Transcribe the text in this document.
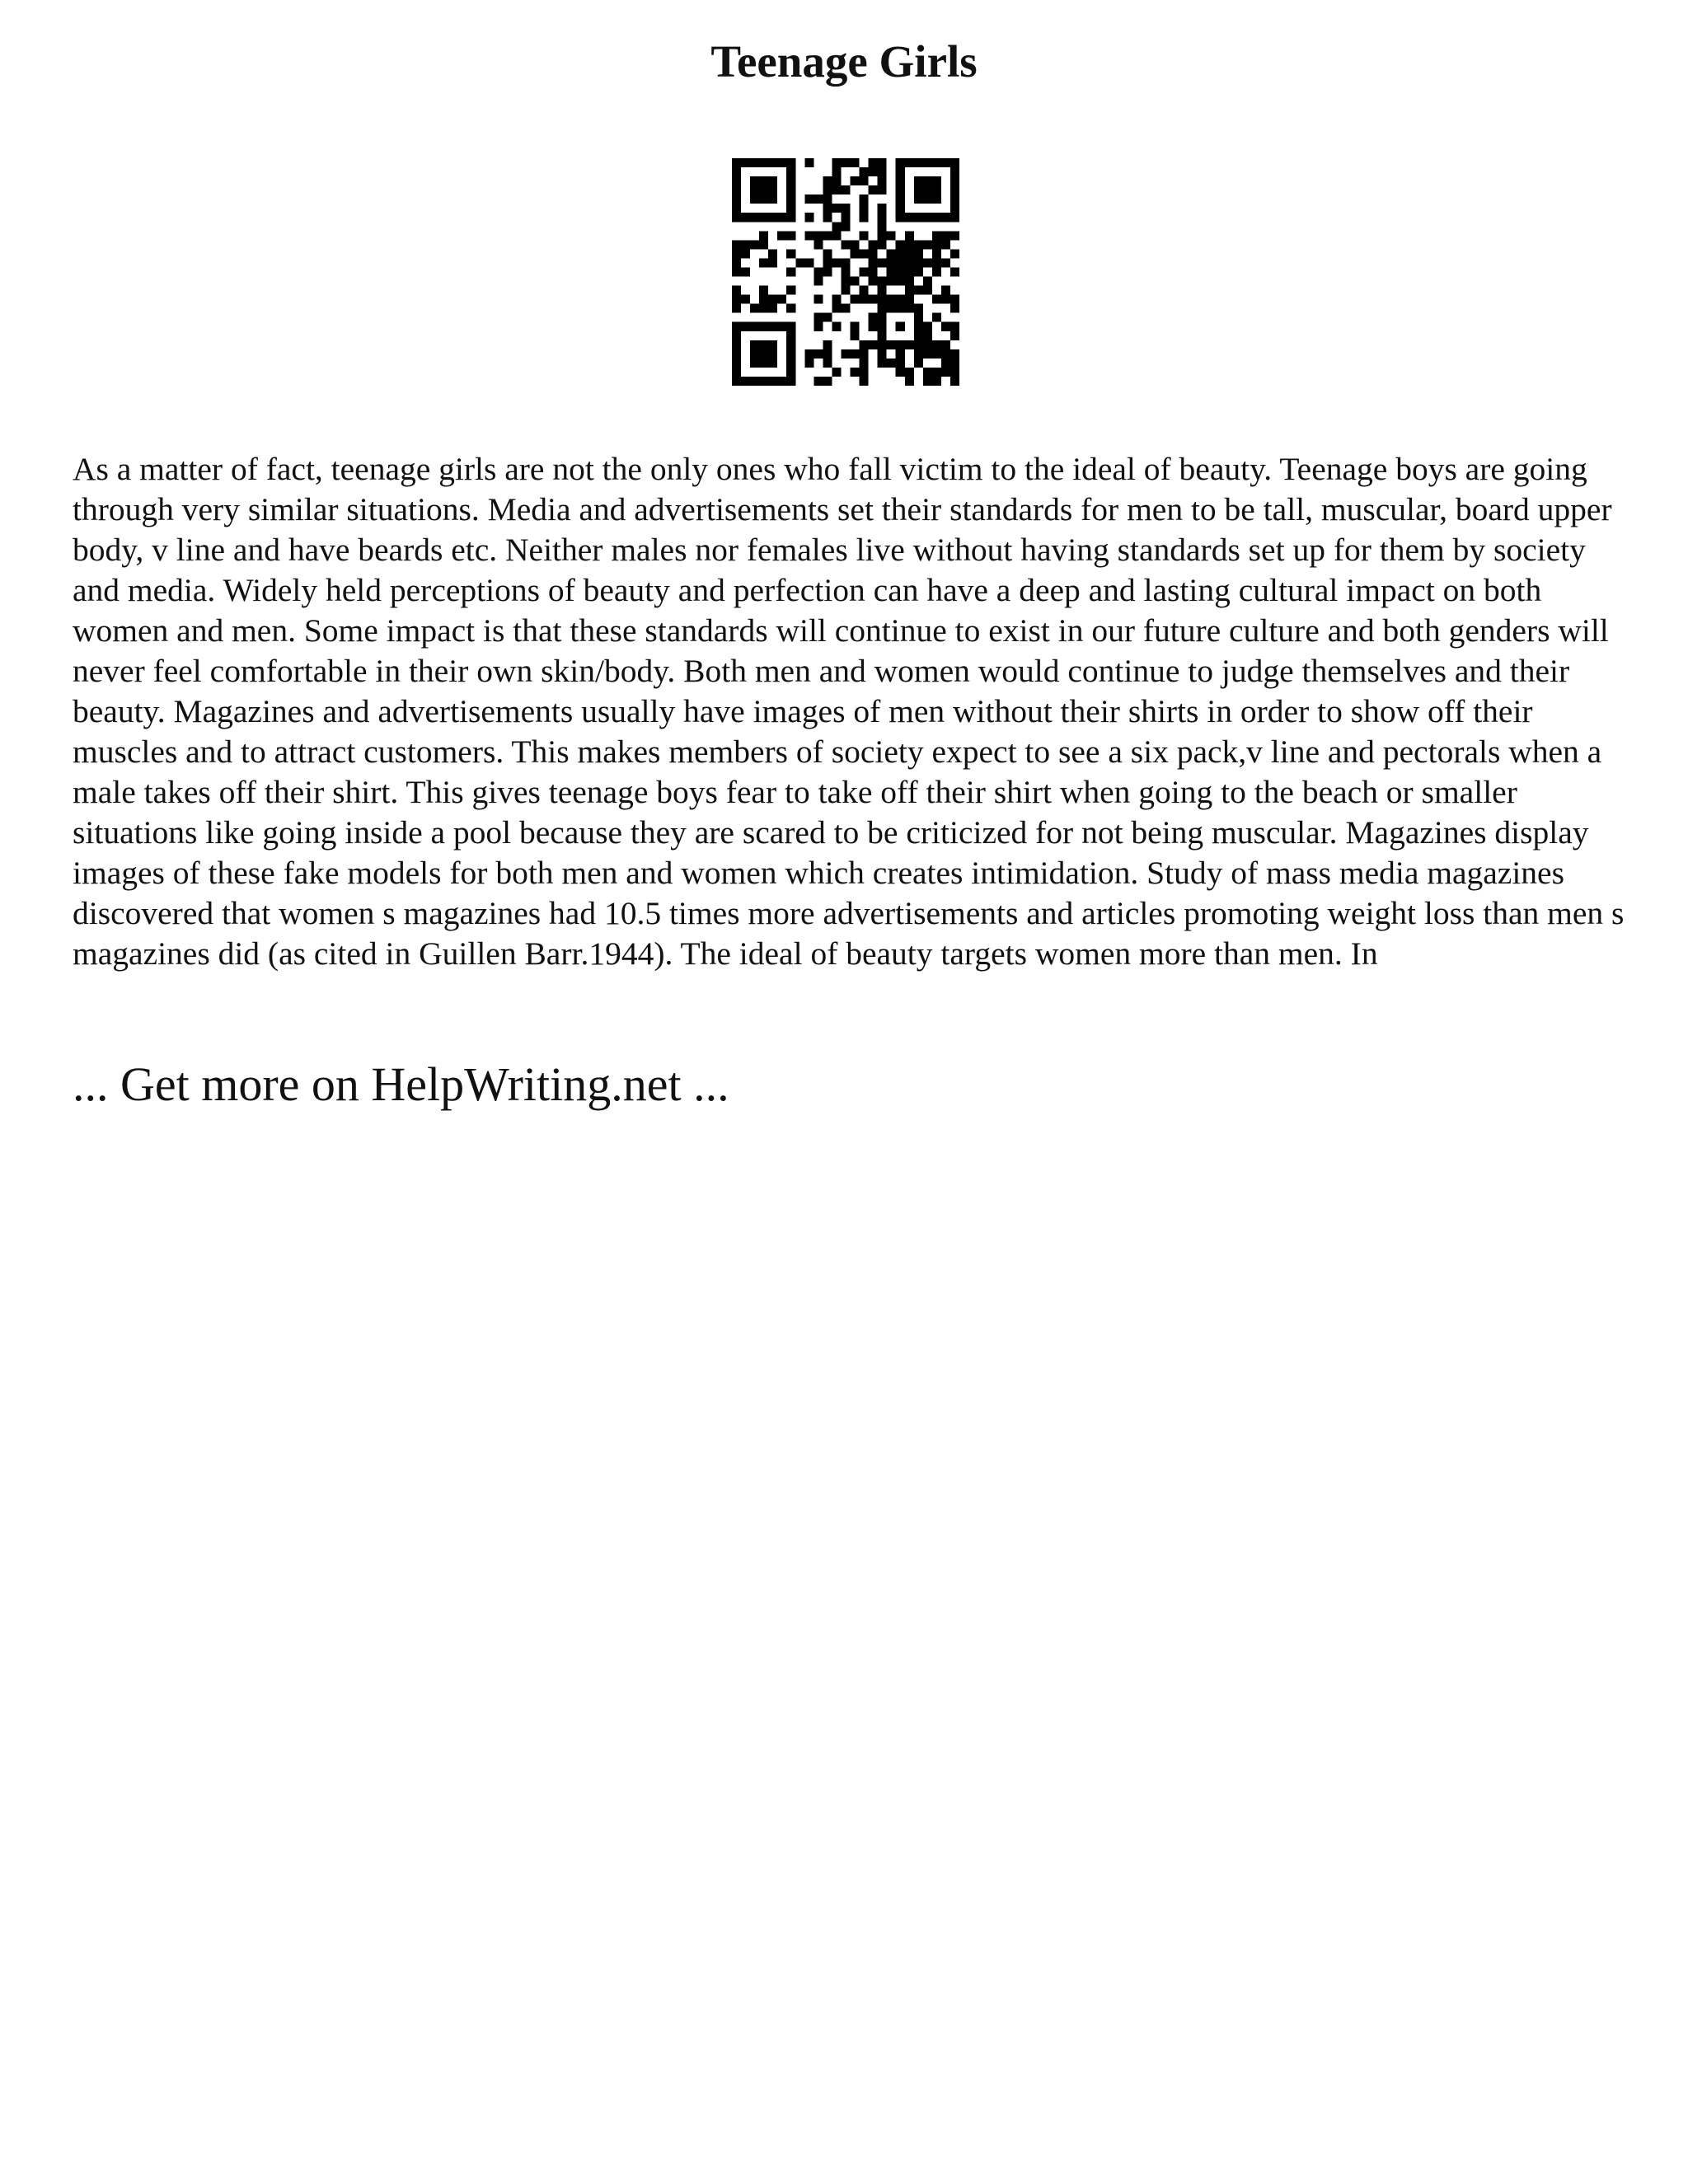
Teenage Girls

As a matter of fact, teenage girls are not the only ones who fall victim to the ideal of beauty. Teenage boys are going through very similar situations. Media and advertisements set their standards for men to be tall, muscular, board upper body, v line and have beards etc. Neither males nor females live without having standards set up for them by society and media. Widely held perceptions of beauty and perfection can have a deep and lasting cultural impact on both women and men. Some impact is that these standards will continue to exist in our future culture and both genders will never feel comfortable in their own skin/body. Both men and women would continue to judge themselves and their beauty. Magazines and advertisements usually have images of men without their shirts in order to show off their muscles and to attract customers. This makes members of society expect to see a six pack,v line and pectorals when a male takes off their shirt. This gives teenage boys fear to take off their shirt when going to the beach or smaller situations like going inside a pool because they are scared to be criticized for not being muscular. Magazines display images of these fake models for both men and women which creates intimidation. Study of mass media magazines discovered that women s magazines had 10.5 times more advertisements and articles promoting weight loss than men s magazines did (as cited in Guillen Barr.1944). The ideal of beauty targets women more than men. In

... Get more on HelpWriting.net ...
